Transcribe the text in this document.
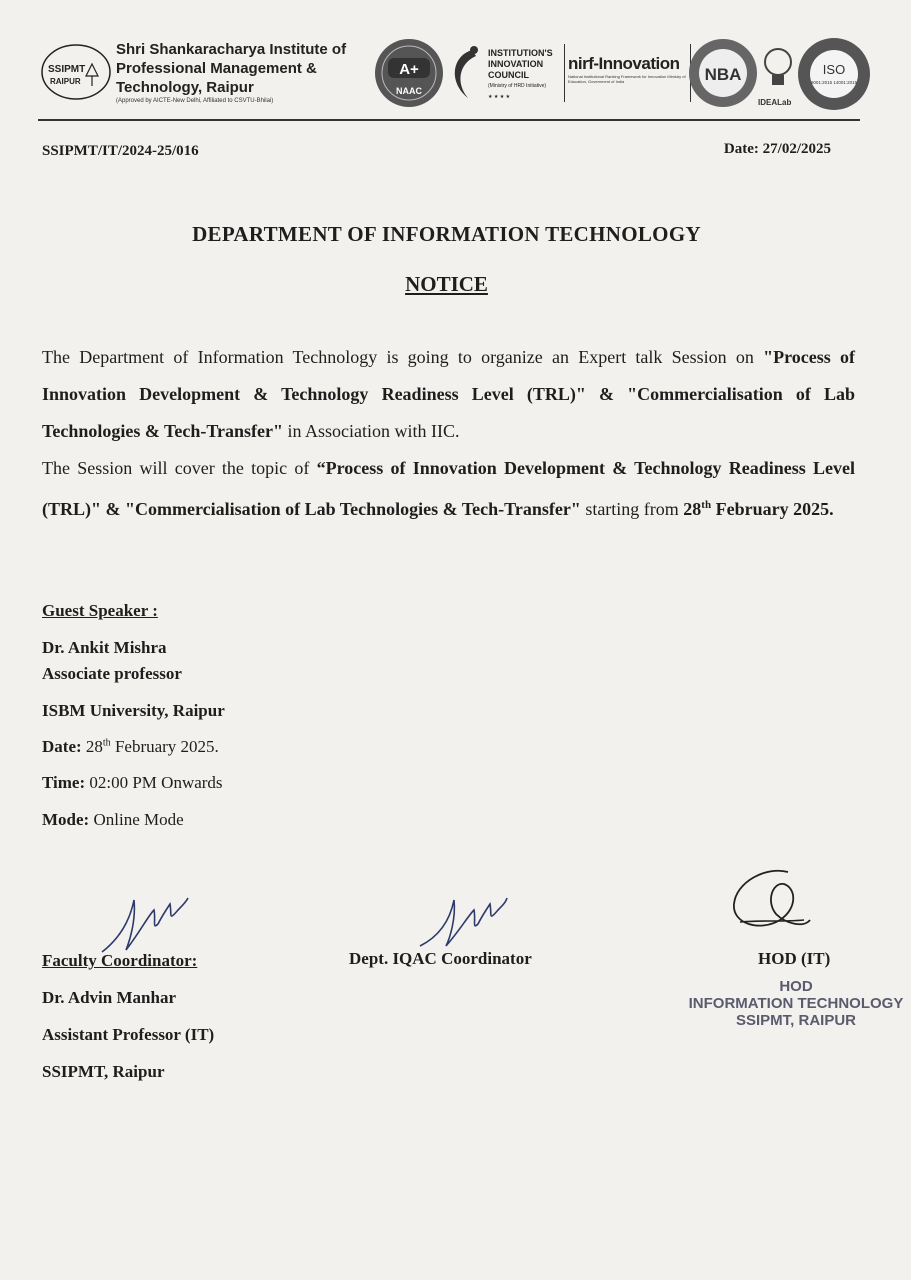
SSIPMT
RAIPUR
Shri Shankaracharya Institute of Professional Management & Technology, Raipur
(Approved by AICTE-New Delhi, Affiliated to CSVTU-Bhilai)
A+
NAAC
INSTITUTION'S INNOVATION COUNCIL
(Ministry of HRD Initiative)
★ ★ ★ ★
nirf-Innovation
National Institutional Ranking Framework for Innovation Ministry of Education, Government of India	NBA
IDEALab
ISO
9001:2015 14001:2015
SSIPMT/IT/2024-25/016	Date: 27/02/2025
DEPARTMENT OF INFORMATION TECHNOLOGY
NOTICE
The Department of Information Technology is going to organize an Expert talk Session on "Process of Innovation Development & Technology Readiness Level (TRL)" & "Commercialisation of Lab Technologies & Tech-Transfer" in Association with IIC.
The Session will cover the topic of “Process of Innovation Development & Technology Readiness Level (TRL)" & "Commercialisation of Lab Technologies & Tech-Transfer" starting from 28th February 2025.
Guest Speaker :
Dr. Ankit Mishra
Associate professor
ISBM University, Raipur
Date: 28th February 2025.
Time: 02:00 PM Onwards
Mode: Online Mode
Faculty Coordinator:
Dr. Advin Manhar
Assistant Professor (IT)
SSIPMT, Raipur
Dept. IQAC Coordinator	HOD (IT)
HOD
INFORMATION TECHNOLOGY
SSIPMT, RAIPUR
